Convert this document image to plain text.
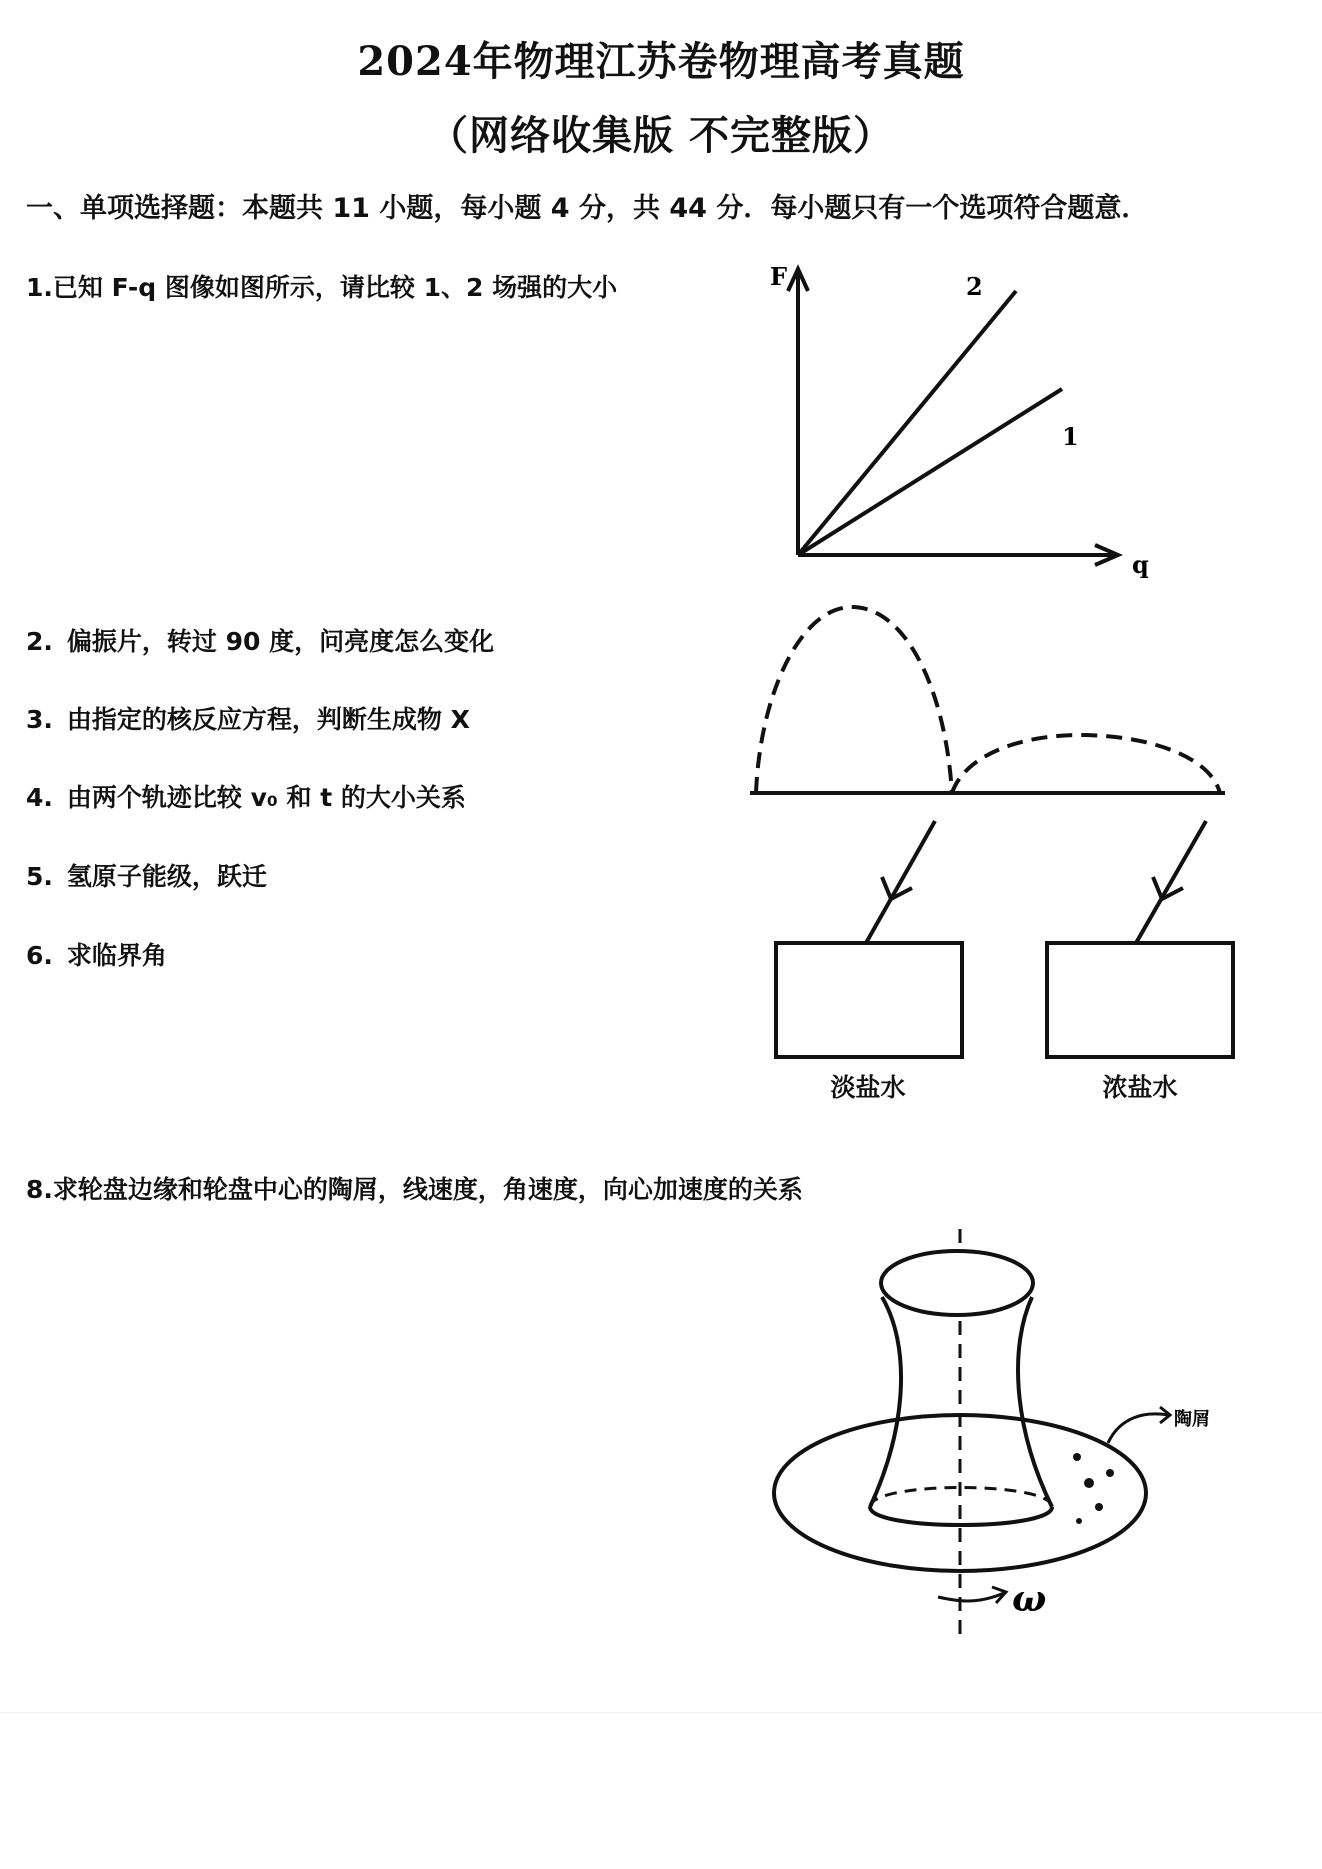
2024年物理江苏卷物理高考真题
（网络收集版 不完整版）
一、单项选择题：本题共 11 小题，每小题 4 分，共 44 分．每小题只有一个选项符合题意．
1.已知 F-q 图像如图所示，请比较 1、2 场强的大小
2. 偏振片，转过 90 度，问亮度怎么变化
3. 由指定的核反应方程，判断生成物 X
4. 由两个轨迹比较 v₀ 和 t 的大小关系
5. 氢原子能级，跃迁
6. 求临界角
8.求轮盘边缘和轮盘中心的陶屑，线速度，角速度，向心加速度的关系
F
q
2
1
淡盐水	浓盐水
陶屑
ω
